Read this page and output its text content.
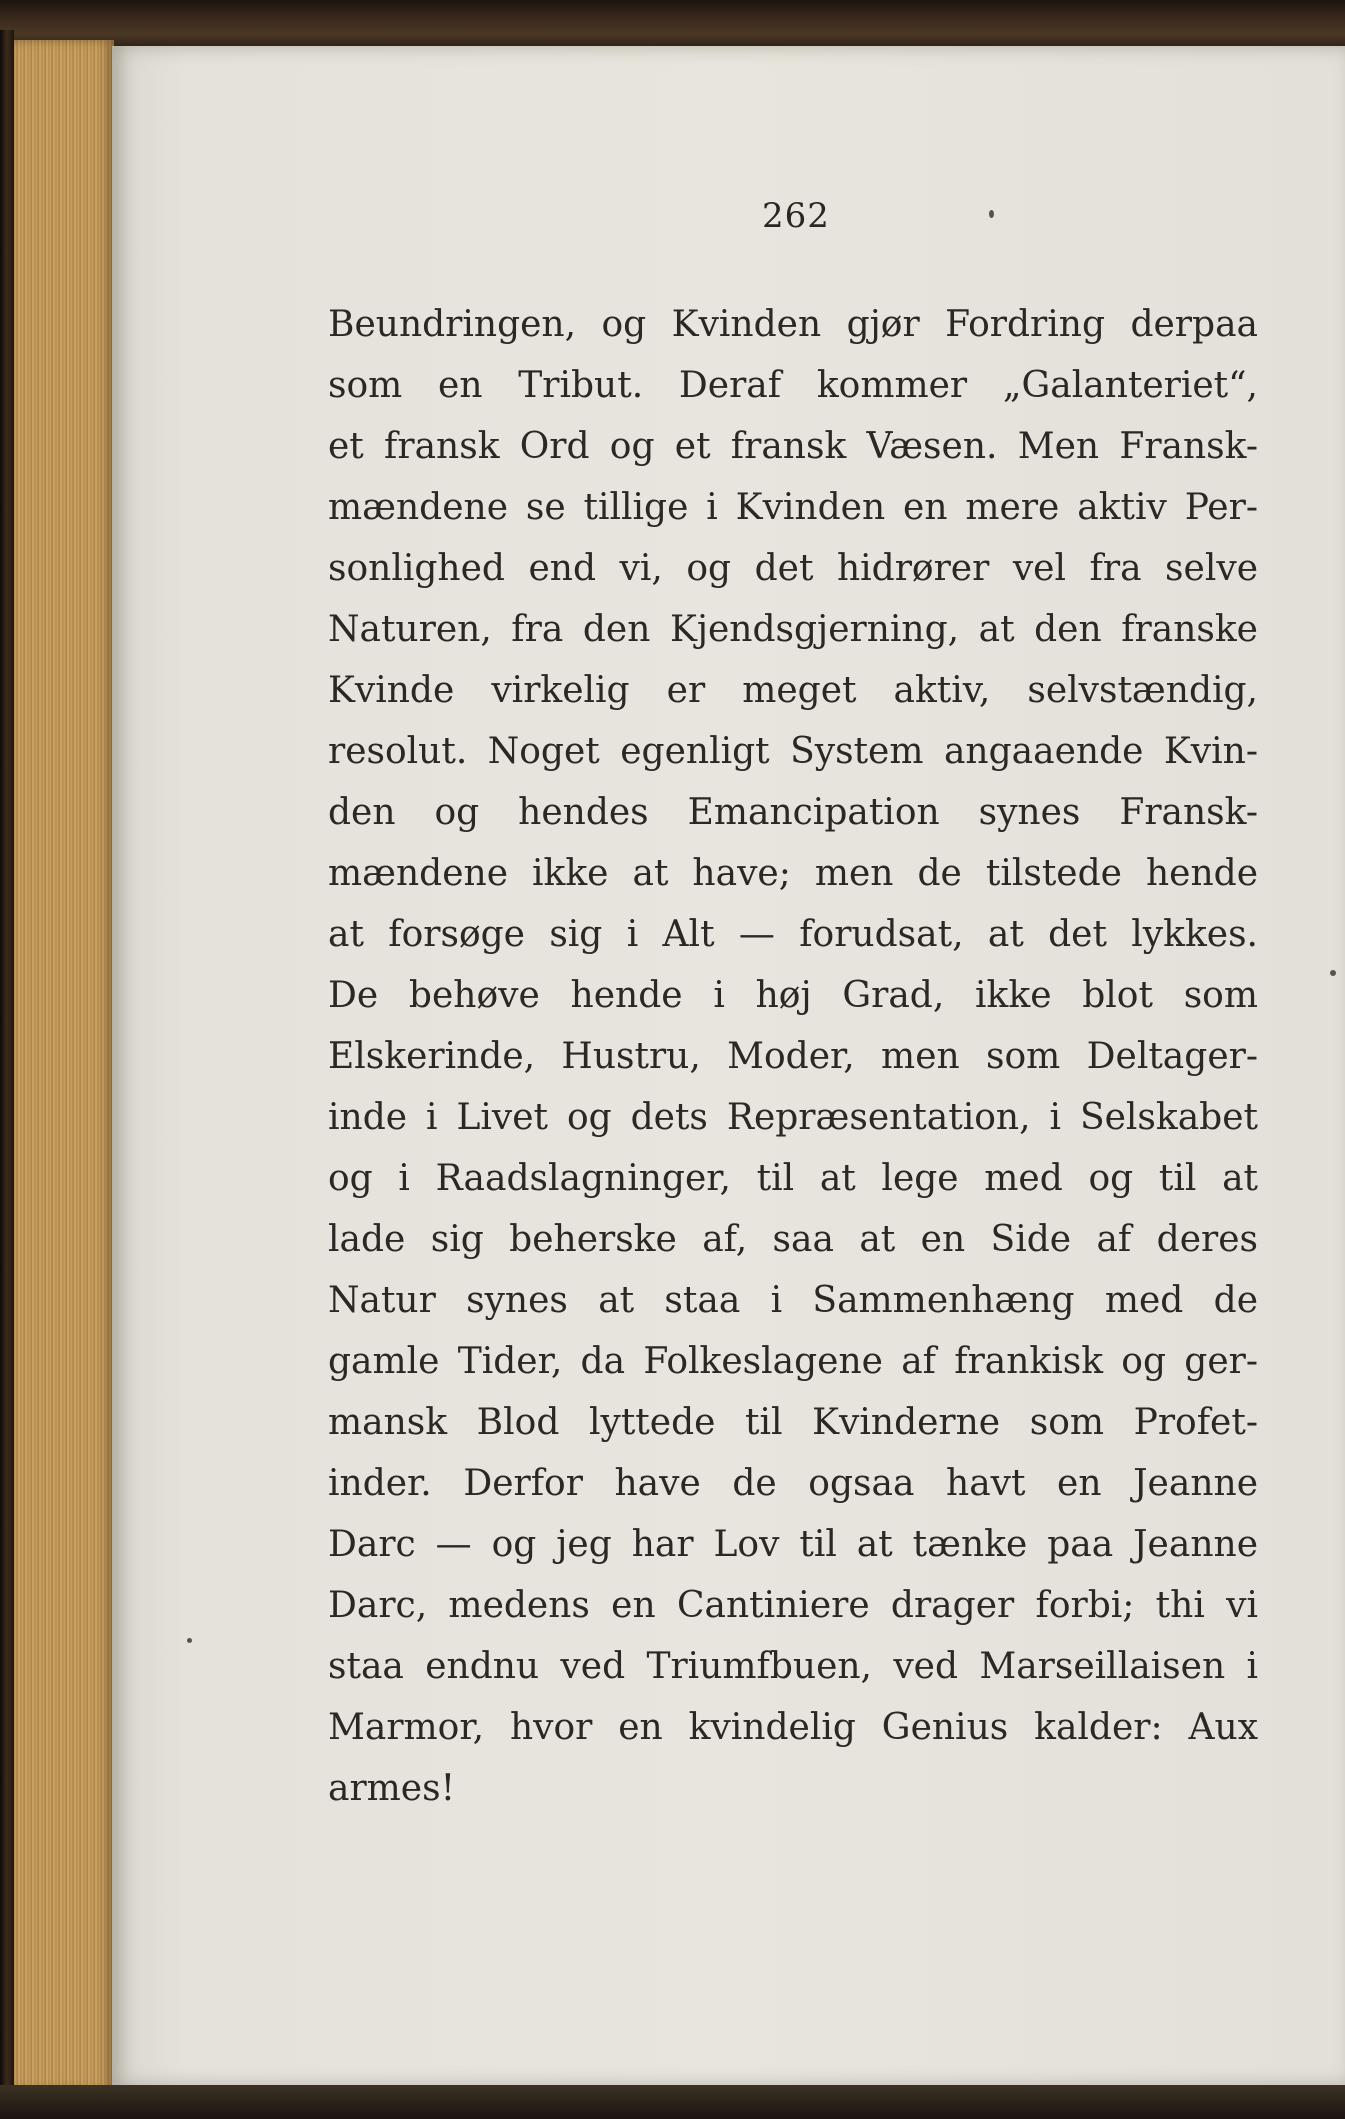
262
Beundringen, og Kvinden gjør Fordring derpaa
som en Tribut. Deraf kommer „Galanteriet“,
et fransk Ord og et fransk Væsen. Men Fransk-
mændene se tillige i Kvinden en mere aktiv Per-
sonlighed end vi, og det hidrører vel fra selve
Naturen, fra den Kjendsgjerning, at den franske
Kvinde virkelig er meget aktiv, selvstændig,
resolut. Noget egenligt System angaaende Kvin-
den og hendes Emancipation synes Fransk-
mændene ikke at have; men de tilstede hende
at forsøge sig i Alt — forudsat, at det lykkes.
De behøve hende i høj Grad, ikke blot som
Elskerinde, Hustru, Moder, men som Deltager-
inde i Livet og dets Repræsentation, i Selskabet
og i Raadslagninger, til at lege med og til at
lade sig beherske af, saa at en Side af deres
Natur synes at staa i Sammenhæng med de
gamle Tider, da Folkeslagene af frankisk og ger-
mansk Blod lyttede til Kvinderne som Profet-
inder. Derfor have de ogsaa havt en Jeanne
Darc — og jeg har Lov til at tænke paa Jeanne
Darc, medens en Cantiniere drager forbi; thi vi
staa endnu ved Triumfbuen, ved Marseillaisen i
Marmor, hvor en kvindelig Genius kalder: Aux
armes!
